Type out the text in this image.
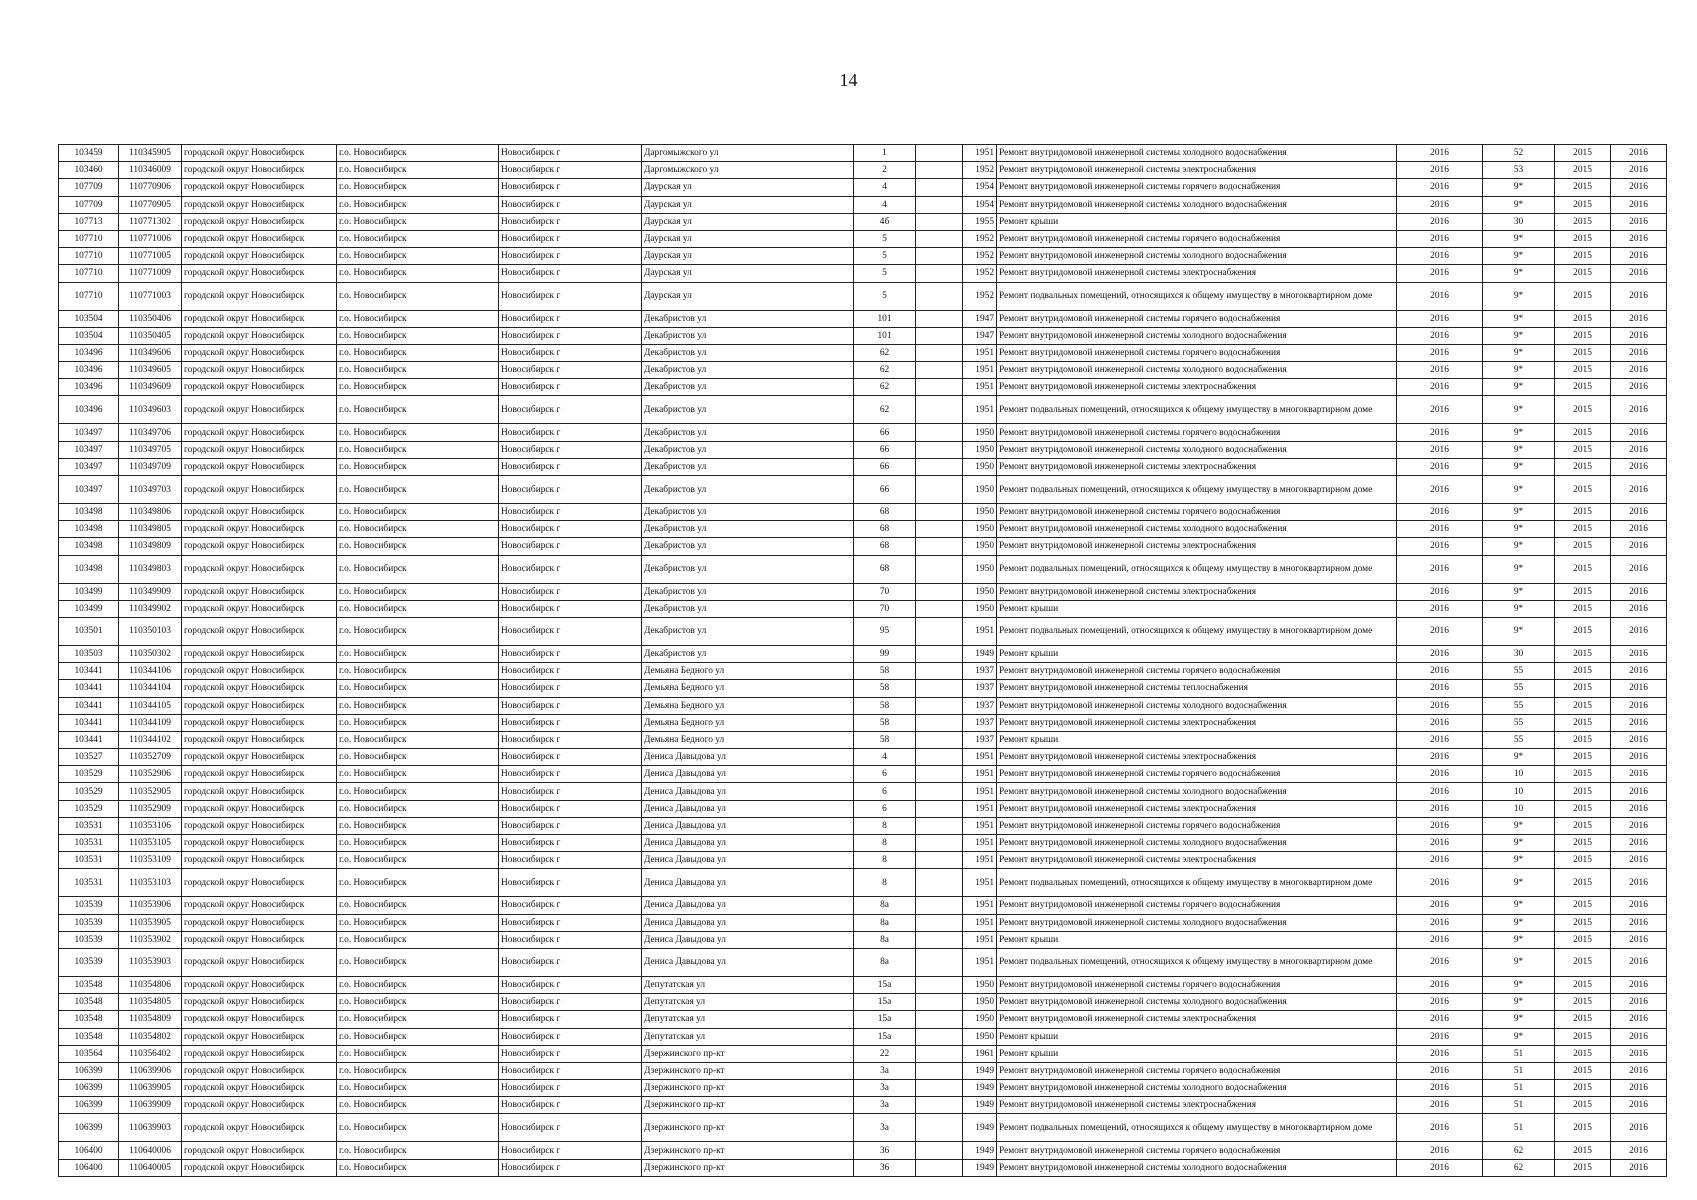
14
103459	110345905	городской округ Новосибирск	г.о. Новосибирск	Новосибирск г	Даргомыжского ул	1		1951	Ремонт внутридомовой инженерной системы холодного водоснабжения	2016	52	2015	2016
103460	110346009	городской округ Новосибирск	г.о. Новосибирск	Новосибирск г	Даргомыжского ул	2		1952	Ремонт внутридомовой инженерной системы электроснабжения	2016	53	2015	2016
107709	110770906	городской округ Новосибирск	г.о. Новосибирск	Новосибирск г	Даурская ул	4		1954	Ремонт внутридомовой инженерной системы горячего водоснабжения	2016	9*	2015	2016
107709	110770905	городской округ Новосибирск	г.о. Новосибирск	Новосибирск г	Даурская ул	4		1954	Ремонт внутридомовой инженерной системы холодного водоснабжения	2016	9*	2015	2016
107713	110771302	городской округ Новосибирск	г.о. Новосибирск	Новосибирск г	Даурская ул	4б		1955	Ремонт крыши	2016	30	2015	2016
107710	110771006	городской округ Новосибирск	г.о. Новосибирск	Новосибирск г	Даурская ул	5		1952	Ремонт внутридомовой инженерной системы горячего водоснабжения	2016	9*	2015	2016
107710	110771005	городской округ Новосибирск	г.о. Новосибирск	Новосибирск г	Даурская ул	5		1952	Ремонт внутридомовой инженерной системы холодного водоснабжения	2016	9*	2015	2016
107710	110771009	городской округ Новосибирск	г.о. Новосибирск	Новосибирск г	Даурская ул	5		1952	Ремонт внутридомовой инженерной системы электроснабжения	2016	9*	2015	2016
107710	110771003	городской округ Новосибирск	г.о. Новосибирск	Новосибирск г	Даурская ул	5		1952	Ремонт подвальных помещений, относящихся к общему имуществу в многоквартирном доме	2016	9*	2015	2016
103504	110350406	городской округ Новосибирск	г.о. Новосибирск	Новосибирск г	Декабристов ул	101		1947	Ремонт внутридомовой инженерной системы горячего водоснабжения	2016	9*	2015	2016
103504	110350405	городской округ Новосибирск	г.о. Новосибирск	Новосибирск г	Декабристов ул	101		1947	Ремонт внутридомовой инженерной системы холодного водоснабжения	2016	9*	2015	2016
103496	110349606	городской округ Новосибирск	г.о. Новосибирск	Новосибирск г	Декабристов ул	62		1951	Ремонт внутридомовой инженерной системы горячего водоснабжения	2016	9*	2015	2016
103496	110349605	городской округ Новосибирск	г.о. Новосибирск	Новосибирск г	Декабристов ул	62		1951	Ремонт внутридомовой инженерной системы холодного водоснабжения	2016	9*	2015	2016
103496	110349609	городской округ Новосибирск	г.о. Новосибирск	Новосибирск г	Декабристов ул	62		1951	Ремонт внутридомовой инженерной системы электроснабжения	2016	9*	2015	2016
103496	110349603	городской округ Новосибирск	г.о. Новосибирск	Новосибирск г	Декабристов ул	62		1951	Ремонт подвальных помещений, относящихся к общему имуществу в многоквартирном доме	2016	9*	2015	2016
103497	110349706	городской округ Новосибирск	г.о. Новосибирск	Новосибирск г	Декабристов ул	66		1950	Ремонт внутридомовой инженерной системы горячего водоснабжения	2016	9*	2015	2016
103497	110349705	городской округ Новосибирск	г.о. Новосибирск	Новосибирск г	Декабристов ул	66		1950	Ремонт внутридомовой инженерной системы холодного водоснабжения	2016	9*	2015	2016
103497	110349709	городской округ Новосибирск	г.о. Новосибирск	Новосибирск г	Декабристов ул	66		1950	Ремонт внутридомовой инженерной системы электроснабжения	2016	9*	2015	2016
103497	110349703	городской округ Новосибирск	г.о. Новосибирск	Новосибирск г	Декабристов ул	66		1950	Ремонт подвальных помещений, относящихся к общему имуществу в многоквартирном доме	2016	9*	2015	2016
103498	110349806	городской округ Новосибирск	г.о. Новосибирск	Новосибирск г	Декабристов ул	68		1950	Ремонт внутридомовой инженерной системы горячего водоснабжения	2016	9*	2015	2016
103498	110349805	городской округ Новосибирск	г.о. Новосибирск	Новосибирск г	Декабристов ул	68		1950	Ремонт внутридомовой инженерной системы холодного водоснабжения	2016	9*	2015	2016
103498	110349809	городской округ Новосибирск	г.о. Новосибирск	Новосибирск г	Декабристов ул	68		1950	Ремонт внутридомовой инженерной системы электроснабжения	2016	9*	2015	2016
103498	110349803	городской округ Новосибирск	г.о. Новосибирск	Новосибирск г	Декабристов ул	68		1950	Ремонт подвальных помещений, относящихся к общему имуществу в многоквартирном доме	2016	9*	2015	2016
103499	110349909	городской округ Новосибирск	г.о. Новосибирск	Новосибирск г	Декабристов ул	70		1950	Ремонт внутридомовой инженерной системы электроснабжения	2016	9*	2015	2016
103499	110349902	городской округ Новосибирск	г.о. Новосибирск	Новосибирск г	Декабристов ул	70		1950	Ремонт крыши	2016	9*	2015	2016
103501	110350103	городской округ Новосибирск	г.о. Новосибирск	Новосибирск г	Декабристов ул	95		1951	Ремонт подвальных помещений, относящихся к общему имуществу в многоквартирном доме	2016	9*	2015	2016
103503	110350302	городской округ Новосибирск	г.о. Новосибирск	Новосибирск г	Декабристов ул	99		1949	Ремонт крыши	2016	30	2015	2016
103441	110344106	городской округ Новосибирск	г.о. Новосибирск	Новосибирск г	Демьяна Бедного ул	58		1937	Ремонт внутридомовой инженерной системы горячего водоснабжения	2016	55	2015	2016
103441	110344104	городской округ Новосибирск	г.о. Новосибирск	Новосибирск г	Демьяна Бедного ул	58		1937	Ремонт внутридомовой инженерной системы теплоснабжения	2016	55	2015	2016
103441	110344105	городской округ Новосибирск	г.о. Новосибирск	Новосибирск г	Демьяна Бедного ул	58		1937	Ремонт внутридомовой инженерной системы холодного водоснабжения	2016	55	2015	2016
103441	110344109	городской округ Новосибирск	г.о. Новосибирск	Новосибирск г	Демьяна Бедного ул	58		1937	Ремонт внутридомовой инженерной системы электроснабжения	2016	55	2015	2016
103441	110344102	городской округ Новосибирск	г.о. Новосибирск	Новосибирск г	Демьяна Бедного ул	58		1937	Ремонт крыши	2016	55	2015	2016
103527	110352709	городской округ Новосибирск	г.о. Новосибирск	Новосибирск г	Дениса Давыдова ул	4		1951	Ремонт внутридомовой инженерной системы электроснабжения	2016	9*	2015	2016
103529	110352906	городской округ Новосибирск	г.о. Новосибирск	Новосибирск г	Дениса Давыдова ул	6		1951	Ремонт внутридомовой инженерной системы горячего водоснабжения	2016	10	2015	2016
103529	110352905	городской округ Новосибирск	г.о. Новосибирск	Новосибирск г	Дениса Давыдова ул	6		1951	Ремонт внутридомовой инженерной системы холодного водоснабжения	2016	10	2015	2016
103529	110352909	городской округ Новосибирск	г.о. Новосибирск	Новосибирск г	Дениса Давыдова ул	6		1951	Ремонт внутридомовой инженерной системы электроснабжения	2016	10	2015	2016
103531	110353106	городской округ Новосибирск	г.о. Новосибирск	Новосибирск г	Дениса Давыдова ул	8		1951	Ремонт внутридомовой инженерной системы горячего водоснабжения	2016	9*	2015	2016
103531	110353105	городской округ Новосибирск	г.о. Новосибирск	Новосибирск г	Дениса Давыдова ул	8		1951	Ремонт внутридомовой инженерной системы холодного водоснабжения	2016	9*	2015	2016
103531	110353109	городской округ Новосибирск	г.о. Новосибирск	Новосибирск г	Дениса Давыдова ул	8		1951	Ремонт внутридомовой инженерной системы электроснабжения	2016	9*	2015	2016
103531	110353103	городской округ Новосибирск	г.о. Новосибирск	Новосибирск г	Дениса Давыдова ул	8		1951	Ремонт подвальных помещений, относящихся к общему имуществу в многоквартирном доме	2016	9*	2015	2016
103539	110353906	городской округ Новосибирск	г.о. Новосибирск	Новосибирск г	Дениса Давыдова ул	8а		1951	Ремонт внутридомовой инженерной системы горячего водоснабжения	2016	9*	2015	2016
103539	110353905	городской округ Новосибирск	г.о. Новосибирск	Новосибирск г	Дениса Давыдова ул	8а		1951	Ремонт внутридомовой инженерной системы холодного водоснабжения	2016	9*	2015	2016
103539	110353902	городской округ Новосибирск	г.о. Новосибирск	Новосибирск г	Дениса Давыдова ул	8а		1951	Ремонт крыши	2016	9*	2015	2016
103539	110353903	городской округ Новосибирск	г.о. Новосибирск	Новосибирск г	Дениса Давыдова ул	8а		1951	Ремонт подвальных помещений, относящихся к общему имуществу в многоквартирном доме	2016	9*	2015	2016
103548	110354806	городской округ Новосибирск	г.о. Новосибирск	Новосибирск г	Депутатская ул	15а		1950	Ремонт внутридомовой инженерной системы горячего водоснабжения	2016	9*	2015	2016
103548	110354805	городской округ Новосибирск	г.о. Новосибирск	Новосибирск г	Депутатская ул	15а		1950	Ремонт внутридомовой инженерной системы холодного водоснабжения	2016	9*	2015	2016
103548	110354809	городской округ Новосибирск	г.о. Новосибирск	Новосибирск г	Депутатская ул	15а		1950	Ремонт внутридомовой инженерной системы электроснабжения	2016	9*	2015	2016
103548	110354802	городской округ Новосибирск	г.о. Новосибирск	Новосибирск г	Депутатская ул	15а		1950	Ремонт крыши	2016	9*	2015	2016
103564	110356402	городской округ Новосибирск	г.о. Новосибирск	Новосибирск г	Дзержинского пр-кт	22		1961	Ремонт крыши	2016	51	2015	2016
106399	110639906	городской округ Новосибирск	г.о. Новосибирск	Новосибирск г	Дзержинского пр-кт	3а		1949	Ремонт внутридомовой инженерной системы горячего водоснабжения	2016	51	2015	2016
106399	110639905	городской округ Новосибирск	г.о. Новосибирск	Новосибирск г	Дзержинского пр-кт	3а		1949	Ремонт внутридомовой инженерной системы холодного водоснабжения	2016	51	2015	2016
106399	110639909	городской округ Новосибирск	г.о. Новосибирск	Новосибирск г	Дзержинского пр-кт	3а		1949	Ремонт внутридомовой инженерной системы электроснабжения	2016	51	2015	2016
106399	110639903	городской округ Новосибирск	г.о. Новосибирск	Новосибирск г	Дзержинского пр-кт	3а		1949	Ремонт подвальных помещений, относящихся к общему имуществу в многоквартирном доме	2016	51	2015	2016
106400	110640006	городской округ Новосибирск	г.о. Новосибирск	Новосибирск г	Дзержинского пр-кт	36		1949	Ремонт внутридомовой инженерной системы горячего водоснабжения	2016	62	2015	2016
106400	110640005	городской округ Новосибирск	г.о. Новосибирск	Новосибирск г	Дзержинского пр-кт	36		1949	Ремонт внутридомовой инженерной системы холодного водоснабжения	2016	62	2015	2016
